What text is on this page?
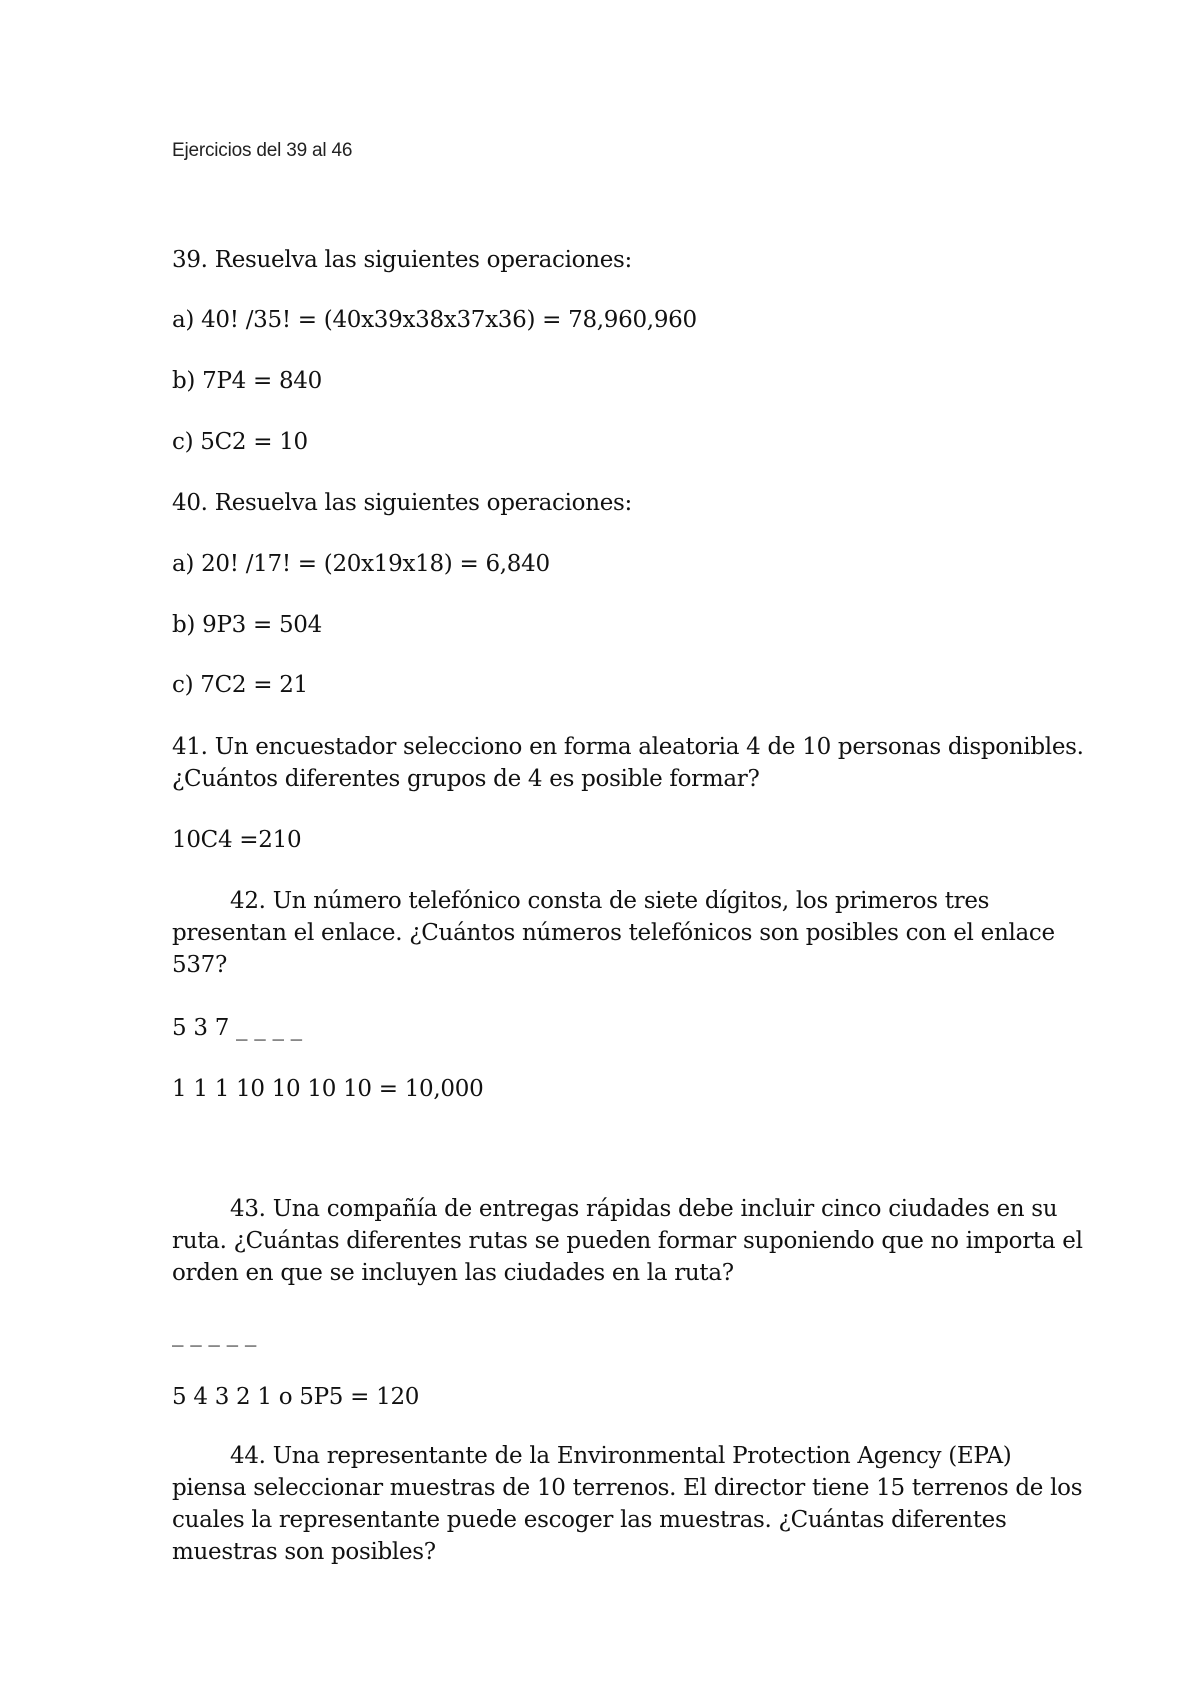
Ejercicios del 39 al 46
39. Resuelva las siguientes operaciones:
a) 40! /35! = (40x39x38x37x36) = 78,960,960
b) 7P4 = 840
c) 5C2 = 10
40. Resuelva las siguientes operaciones:
a) 20! /17! = (20x19x18) = 6,840
b) 9P3 = 504
c) 7C2 = 21
41. Un encuestador selecciono en forma aleatoria 4 de 10 personas disponibles.
¿Cuántos diferentes grupos de 4 es posible formar?
10C4 =210
42. Un número telefónico consta de siete dígitos, los primeros tres
presentan el enlace. ¿Cuántos números telefónicos son posibles con el enlace
537?
5 3 7 _ _ _ _
1 1 1 10 10 10 10 = 10,000
43. Una compañía de entregas rápidas debe incluir cinco ciudades en su
ruta. ¿Cuántas diferentes rutas se pueden formar suponiendo que no importa el
orden en que se incluyen las ciudades en la ruta?
_ _ _ _ _
5 4 3 2 1 o 5P5 = 120
44. Una representante de la Environmental Protection Agency (EPA)
piensa seleccionar muestras de 10 terrenos. El director tiene 15 terrenos de los
cuales la representante puede escoger las muestras. ¿Cuántas diferentes
muestras son posibles?
